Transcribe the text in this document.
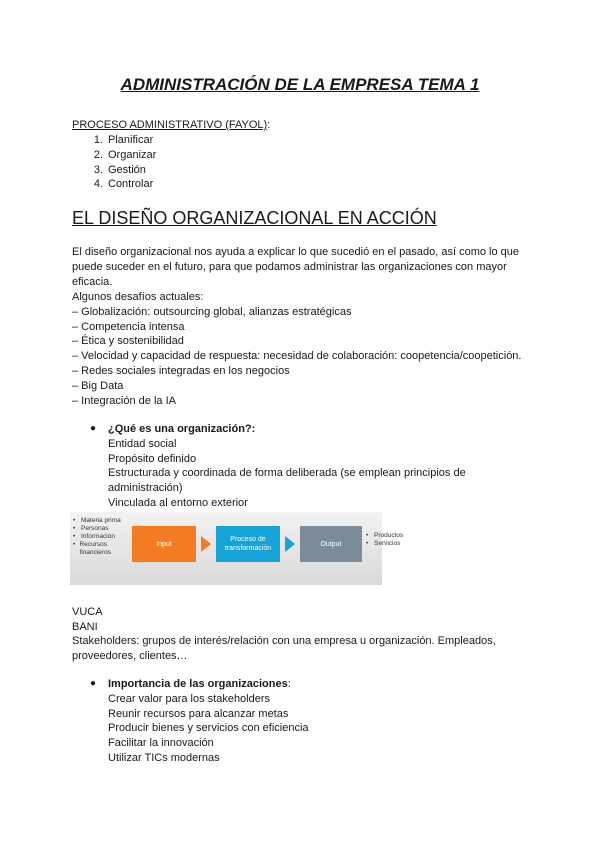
ADMINISTRACIÓN DE LA EMPRESA TEMA 1
PROCESO ADMINISTRATIVO (FAYOL):
1. Planificar
2. Organizar
3. Gestión
4. Controlar
EL DISEÑO ORGANIZACIONAL EN ACCIÓN

El diseño organizacional nos ayuda a explicar lo que sucedió en el pasado, así como lo que puede suceder en el futuro, para que podamos administrar las organizaciones con mayor eficacia.

Algunos desafíos actuales:
– Globalización: outsourcing global, alianzas estratégicas
– Competencia intensa
– Ética y sostenibilidad
– Velocidad y capacidad de respuesta: necesidad de colaboración: coopetencia/coopetición.
– Redes sociales integradas en los negocios
– Big Data
– Integración de la IA
●	¿Qué es una organización?:
Entidad social
Propósito definido
Estructurada y coordinada de forma deliberada (se emplean principios de administración)
Vinculada al entorno exterior
• Materia prima
• Personas
• Información
• Recursos financieros
Input
Proceso de transformación
Output
• Productos
• Servicios
VUCA
BANI
Stakeholders: grupos de interés/relación con una empresa u organización. Empleados, proveedores, clientes…
●	Importancia de las organizaciones:
Crear valor para los stakeholders
Reunir recursos para alcanzar metas
Producir bienes y servicios con eficiencia
Facilitar la innovación
Utilizar TICs modernas
